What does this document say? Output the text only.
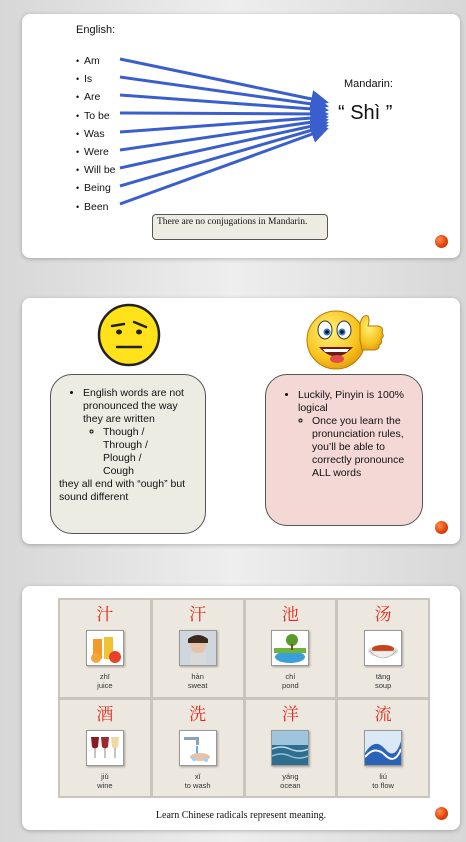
English:
• Am
• Is
• Are
• To be
• Was
• Were
• Will be
• Being
• Been
Mandarin:
“ Shì ”
There are no conjugations in Mandarin.
• English words are not pronounced the way they are written
◦ Though /
Through /
Plough /
Cough
they all end with “ough” but sound different
• Luckily, Pinyin is 100% logical
◦ Once you learn the pronunciation rules, you’ll be able to correctly pronounce ALL words
汁
zhī
juice
汗
hàn
sweat
池
chí
pond
汤
tāng
soup
酒
jiǔ
wine
洗
xǐ
to wash
洋
yáng
ocean
流
liú
to flow
Learn Chinese radicals represent meaning.
